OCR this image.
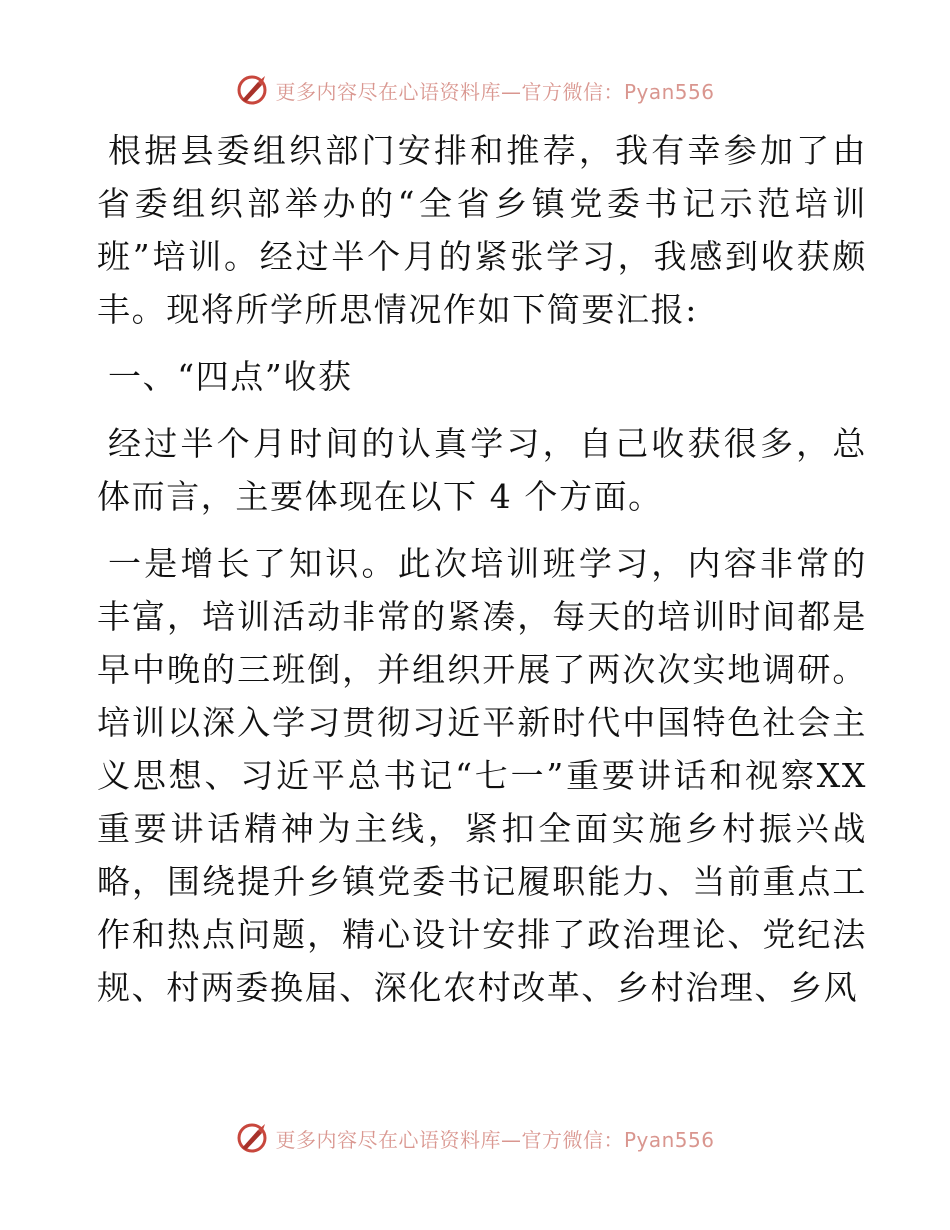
更多内容尽在心语资料库—官方微信：Pyan556

根据县委组织部门安排和推荐，我有幸参加了由省委组织部举办的“全省乡镇党委书记示范培训班”培训。经过半个月的紧张学习，我感到收获颇丰。现将所学所思情况作如下简要汇报:

一、“四点”收获

经过半个月时间的认真学习，自己收获很多，总体而言，主要体现在以下 4 个方面。

一是增长了知识。此次培训班学习，内容非常的丰富，培训活动非常的紧凑，每天的培训时间都是早中晚的三班倒，并组织开展了两次次实地调研。培训以深入学习贯彻习近平新时代中国特色社会主义思想、习近平总书记“七一”重要讲话和视察XX重要讲话精神为主线，紧扣全面实施乡村振兴战略，围绕提升乡镇党委书记履职能力、当前重点工作和热点问题，精心设计安排了政治理论、党纪法规、村两委换届、深化农村改革、乡村治理、乡风

更多内容尽在心语资料库—官方微信：Pyan556
